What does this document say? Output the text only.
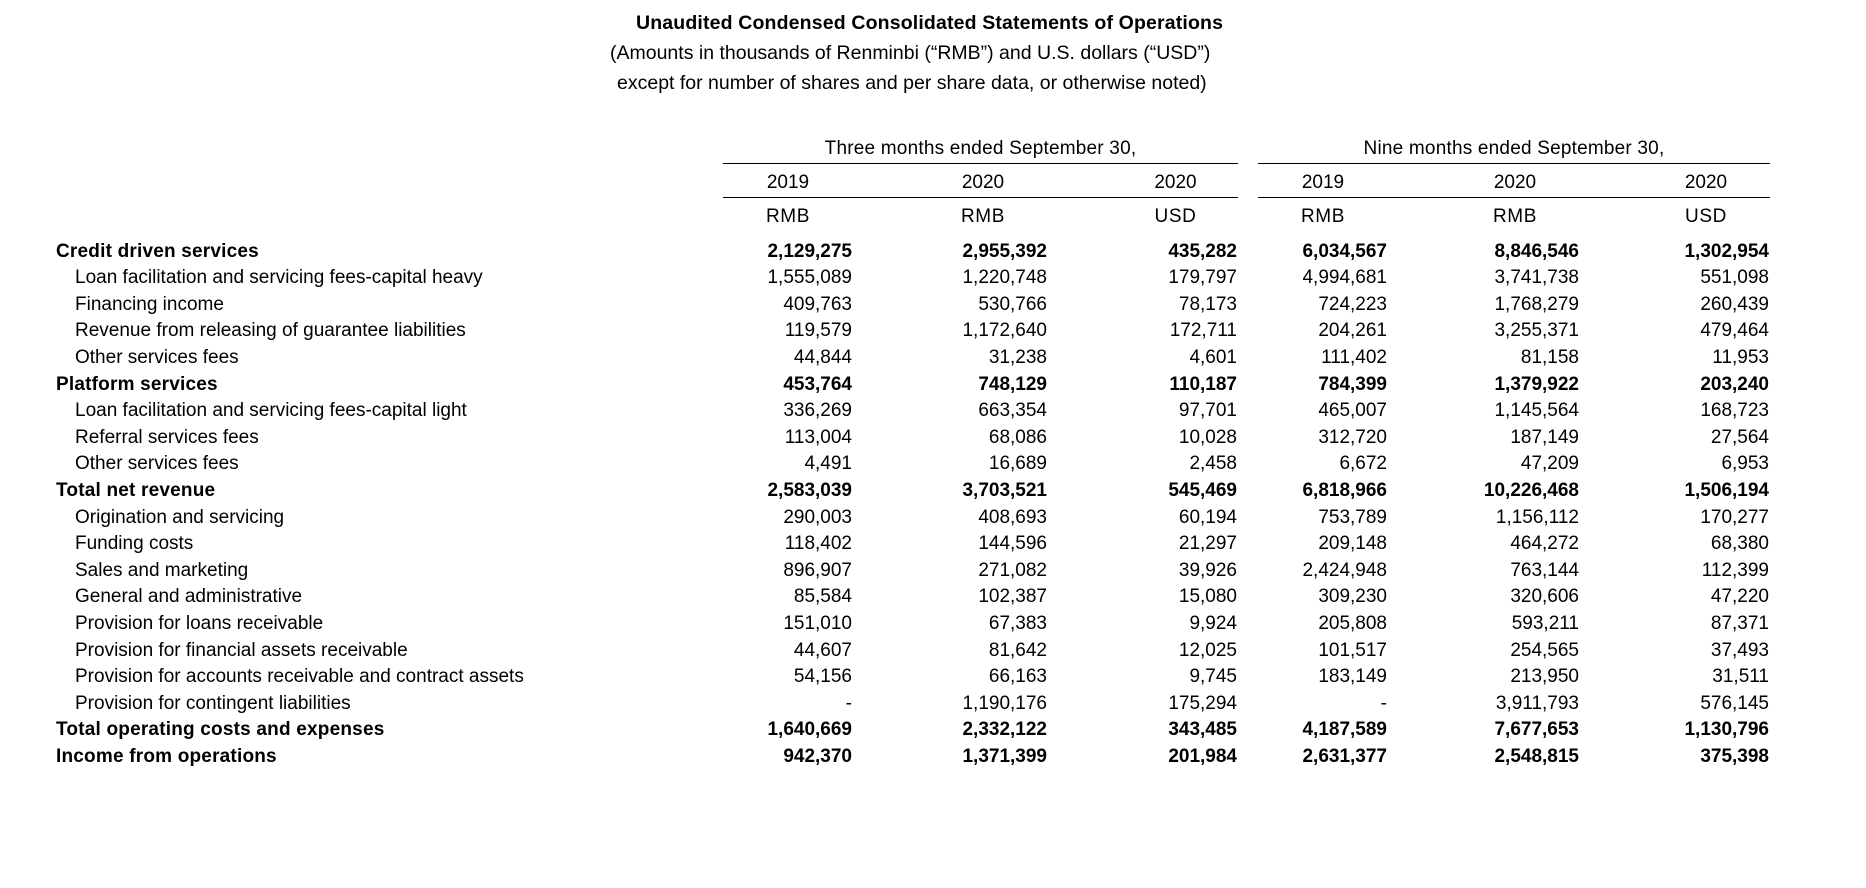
Unaudited Condensed Consolidated Statements of Operations
(Amounts in thousands of Renminbi (“RMB”) and U.S. dollars (“USD”)
except for number of shares and per share data, or otherwise noted)
		Three months ended September 30,						Nine months ended September 30,					
		2019		2020		2020		2019		2020		2020	
		RMB		RMB		USD		RMB		RMB		USD	

Credit driven services		2,129,275		2,955,392		435,282		6,034,567		8,846,546		1,302,954	
Loan facilitation and servicing fees-capital heavy		1,555,089		1,220,748		179,797		4,994,681		3,741,738		551,098	
Financing income		409,763		530,766		78,173		724,223		1,768,279		260,439	
Revenue from releasing of guarantee liabilities		119,579		1,172,640		172,711		204,261		3,255,371		479,464	
Other services fees		44,844		31,238		4,601		111,402		81,158		11,953	
Platform services		453,764		748,129		110,187		784,399		1,379,922		203,240	
Loan facilitation and servicing fees-capital light		336,269		663,354		97,701		465,007		1,145,564		168,723	
Referral services fees		113,004		68,086		10,028		312,720		187,149		27,564	
Other services fees		4,491		16,689		2,458		6,672		47,209		6,953	
Total net revenue		2,583,039		3,703,521		545,469		6,818,966		10,226,468		1,506,194	
Origination and servicing		290,003		408,693		60,194		753,789		1,156,112		170,277	
Funding costs		118,402		144,596		21,297		209,148		464,272		68,380	
Sales and marketing		896,907		271,082		39,926		2,424,948		763,144		112,399	
General and administrative		85,584		102,387		15,080		309,230		320,606		47,220	
Provision for loans receivable		151,010		67,383		9,924		205,808		593,211		87,371	
Provision for financial assets receivable		44,607		81,642		12,025		101,517		254,565		37,493	
Provision for accounts receivable and contract assets		54,156		66,163		9,745		183,149		213,950		31,511	
Provision for contingent liabilities		-		1,190,176		175,294		-		3,911,793		576,145	
Total operating costs and expenses		1,640,669		2,332,122		343,485		4,187,589		7,677,653		1,130,796	
Income from operations		942,370		1,371,399		201,984		2,631,377		2,548,815		375,398	
